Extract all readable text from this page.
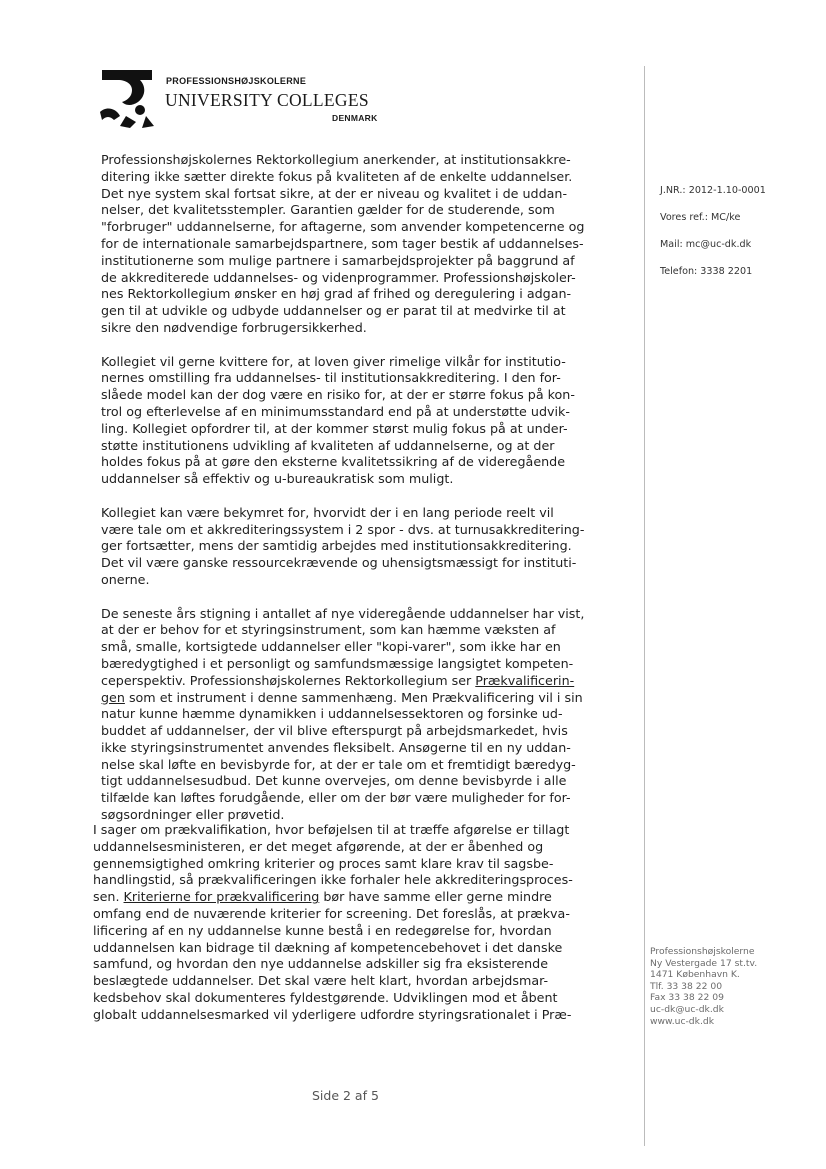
PROFESSIONSHØJSKOLERNE
UNIVERSITY COLLEGES
DENMARK
J.NR.: 2012-1.10-0001
Vores ref.: MC/ke
Mail: mc@uc-dk.dk
Telefon: 3338 2201
Professionshøjskolernes Rektorkollegium anerkender, at institutionsakkre-
ditering ikke sætter direkte fokus på kvaliteten af de enkelte uddannelser.
Det nye system skal fortsat sikre, at der er niveau og kvalitet i de uddan-
nelser, det kvalitetsstempler. Garantien gælder for de studerende, som
"forbruger" uddannelserne, for aftagerne, som anvender kompetencerne og
for de internationale samarbejdspartnere, som tager bestik af uddannelses-
institutionerne som mulige partnere i samarbejdsprojekter på baggrund af
de akkrediterede uddannelses- og videnprogrammer. Professionshøjskoler-
nes Rektorkollegium ønsker en høj grad af frihed og deregulering i adgan-
gen til at udvikle og udbyde uddannelser og er parat til at medvirke til at
sikre den nødvendige forbrugersikkerhed.
Kollegiet vil gerne kvittere for, at loven giver rimelige vilkår for institutio-
nernes omstilling fra uddannelses- til institutionsakkreditering. I den for-
slåede model kan der dog være en risiko for, at der er større fokus på kon-
trol og efterlevelse af en minimumsstandard end på at understøtte udvik-
ling. Kollegiet opfordrer til, at der kommer størst mulig fokus på at under-
støtte institutionens udvikling af kvaliteten af uddannelserne, og at der
holdes fokus på at gøre den eksterne kvalitetssikring af de videregående
uddannelser så effektiv og u-bureaukratisk som muligt.
Kollegiet kan være bekymret for, hvorvidt der i en lang periode reelt vil
være tale om et akkrediteringssystem i 2 spor - dvs. at turnusakkreditering-
ger fortsætter, mens der samtidig arbejdes med institutionsakkreditering.
Det vil være ganske ressourcekrævende og uhensigtsmæssigt for instituti-
onerne.
De seneste års stigning i antallet af nye videregående uddannelser har vist,
at der er behov for et styringsinstrument, som kan hæmme væksten af
små, smalle, kortsigtede uddannelser eller "kopi-varer", som ikke har en
bæredygtighed i et personligt og samfundsmæssige langsigtet kompeten-
ceperspektiv. Professionshøjskolernes Rektorkollegium ser Prækvalificerin-
gen som et instrument i denne sammenhæng. Men Prækvalificering vil i sin
natur kunne hæmme dynamikken i uddannelsessektoren og forsinke ud-
buddet af uddannelser, der vil blive efterspurgt på arbejdsmarkedet, hvis
ikke styringsinstrumentet anvendes fleksibelt. Ansøgerne til en ny uddan-
nelse skal løfte en bevisbyrde for, at der er tale om et fremtidigt bæredyg-
tigt uddannelsesudbud. Det kunne overvejes, om denne bevisbyrde i alle
tilfælde kan løftes forudgående, eller om der bør være muligheder for for-
søgsordninger eller prøvetid.
I sager om prækvalifikation, hvor beføjelsen til at træffe afgørelse er tillagt
uddannelsesministeren, er det meget afgørende, at der er åbenhed og
gennemsigtighed omkring kriterier og proces samt klare krav til sagsbe-
handlingstid, så prækvalificeringen ikke forhaler hele akkrediteringsproces-
sen. Kriterierne for prækvalificering bør have samme eller gerne mindre
omfang end de nuværende kriterier for screening. Det foreslås, at prækva-
lificering af en ny uddannelse kunne bestå i en redegørelse for, hvordan
uddannelsen kan bidrage til dækning af kompetencebehovet i det danske
samfund, og hvordan den nye uddannelse adskiller sig fra eksisterende
beslægtede uddannelser. Det skal være helt klart, hvordan arbejdsmar-
kedsbehov skal dokumenteres fyldestgørende. Udviklingen mod et åbent
globalt uddannelsesmarked vil yderligere udfordre styringsrationalet i Præ-
Professionshøjskolerne
Ny Vestergade 17 st.tv.
1471 København K.
Tlf. 33 38 22 00
Fax 33 38 22 09
uc-dk@uc-dk.dk
www.uc-dk.dk
Side 2 af 5
